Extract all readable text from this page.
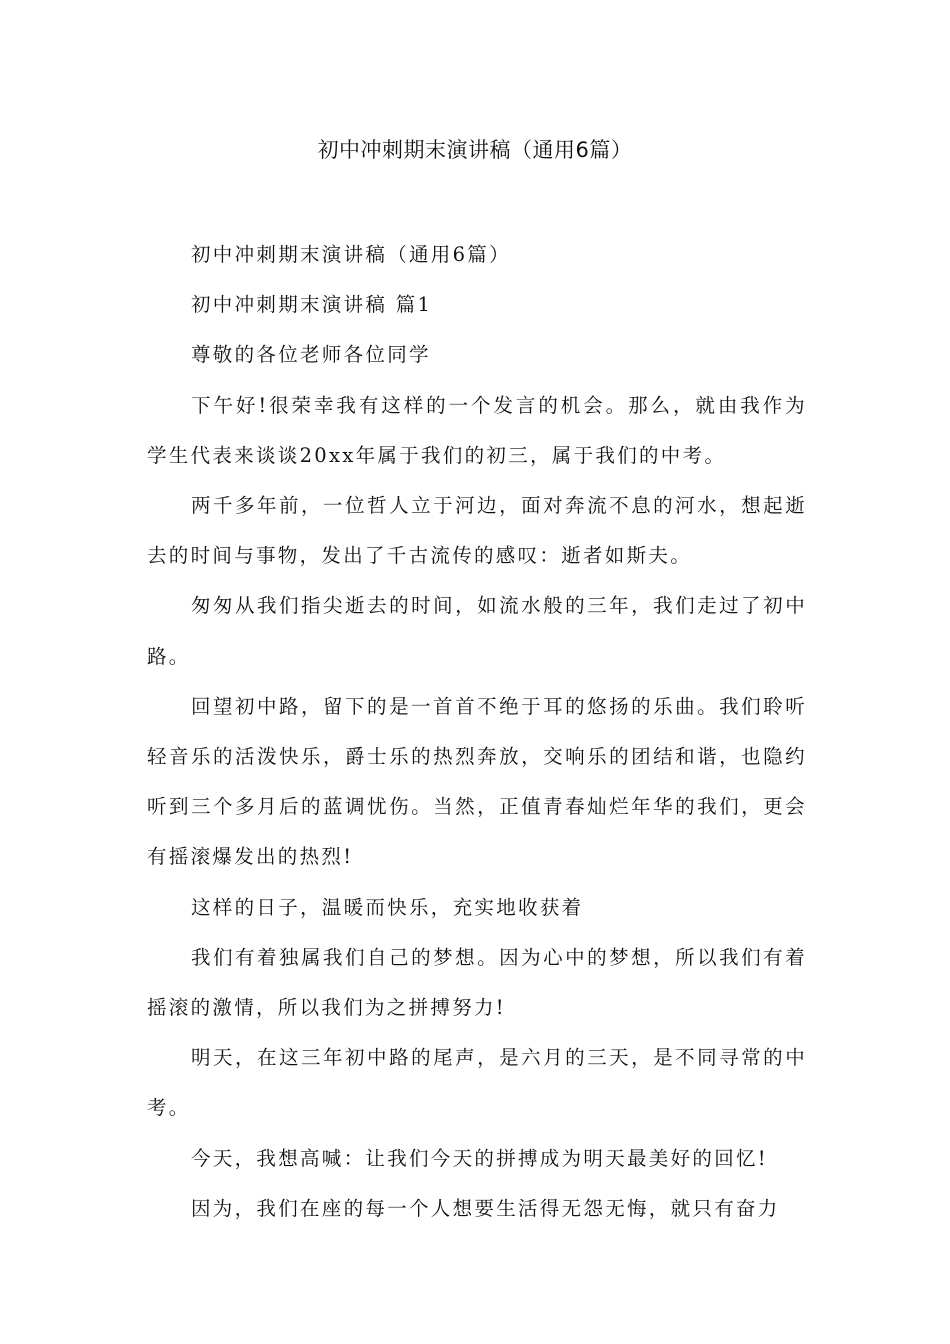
初中冲刺期末演讲稿（通用6篇）

初中冲刺期末演讲稿（通用6篇）

初中冲刺期末演讲稿 篇1

尊敬的各位老师各位同学

下午好!很荣幸我有这样的一个发言的机会。那么，就由我作为学生代表来谈谈20xx年属于我们的初三，属于我们的中考。

两千多年前，一位哲人立于河边，面对奔流不息的河水，想起逝去的时间与事物，发出了千古流传的感叹：逝者如斯夫。

匆匆从我们指尖逝去的时间，如流水般的三年，我们走过了初中路。

回望初中路，留下的是一首首不绝于耳的悠扬的乐曲。我们聆听轻音乐的活泼快乐，爵士乐的热烈奔放，交响乐的团结和谐，也隐约听到三个多月后的蓝调忧伤。当然，正值青春灿烂年华的我们，更会有摇滚爆发出的热烈!

这样的日子，温暖而快乐，充实地收获着

我们有着独属我们自己的梦想。因为心中的梦想，所以我们有着摇滚的激情，所以我们为之拼搏努力!

明天，在这三年初中路的尾声，是六月的三天，是不同寻常的中考。

今天，我想高喊：让我们今天的拼搏成为明天最美好的回忆!

因为，我们在座的每一个人想要生活得无怨无悔，就只有奋力
